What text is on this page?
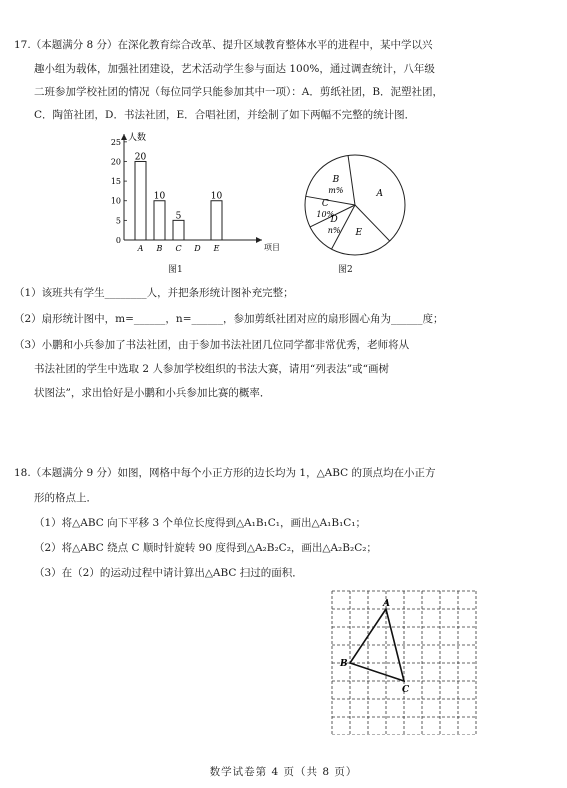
17.（本题满分 8 分）在深化教育综合改革、提升区域教育整体水平的进程中，某中学以兴
趣小组为载体，加强社团建设，艺术活动学生参与面达 100%，通过调查统计，八年级
二班参加学校社团的情况（每位同学只能参加其中一项）：A．剪纸社团，B．泥塑社团，
C．陶笛社团，D．书法社团，E．合唱社团，并绘制了如下两幅不完整的统计图．
人数
项目
0
5
10
15
20
25
A
20
B
10
C
5
D E
10
图1
A
B
m%
C
10%
D
n% E
图2
（1）该班共有学生________人，并把条形统计图补充完整；
（2）扇形统计图中，m=______，n=______，参加剪纸社团对应的扇形圆心角为______度；
（3）小鹏和小兵参加了书法社团，由于参加书法社团几位同学都非常优秀，老师将从
书法社团的学生中选取 2 人参加学校组织的书法大赛，请用“列表法”或“画树
状图法”，求出恰好是小鹏和小兵参加比赛的概率．
18.（本题满分 9 分）如图，网格中每个小正方形的边长均为 1，△ABC 的顶点均在小正方
形的格点上．
（1）将△ABC 向下平移 3 个单位长度得到△A₁B₁C₁，画出△A₁B₁C₁；
（2）将△ABC 绕点 C 顺时针旋转 90 度得到△A₂B₂C₂，画出△A₂B₂C₂；
（3）在（2）的运动过程中请计算出△ABC 扫过的面积．
A
B
C
数学试卷第 4 页（共 8 页）
